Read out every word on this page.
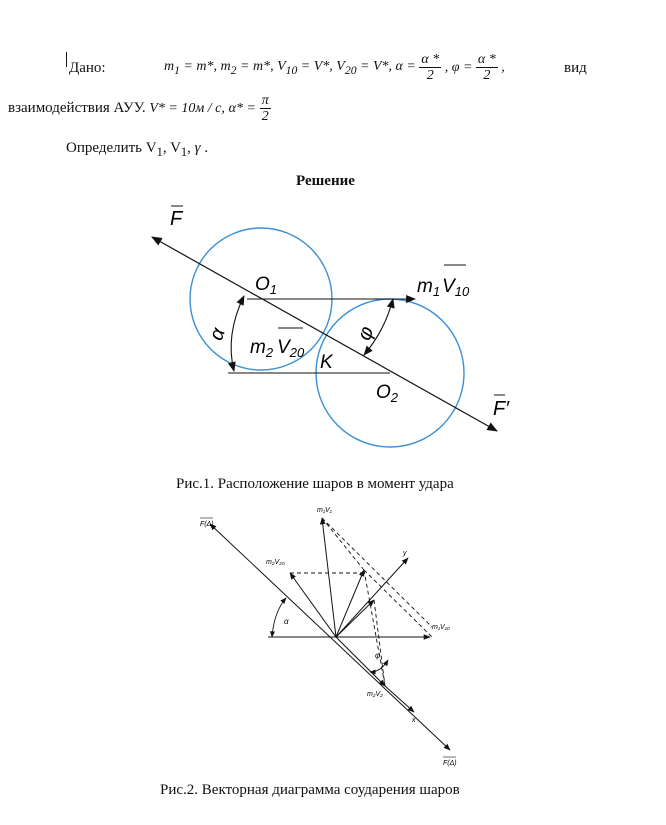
Дано:	$m_1 = m*$, $m_2 = m*$, $V_{10} = V*$, $V_{20} = V*$, $\alpha = \frac{\alpha *}{2}$ , $\varphi = \frac{\alpha *}{2}$ ,	вид
взаимодействия АУУ. V* = 10м / с, $\alpha* = \frac{\pi}{2}$
Определить $V_1$, $V_1$, γ .
Решение
F
F′
$O_1$
$O_2$
K
α	φ
$m_1$ $V_{10}$
$m_2$ $V_{20}$
Рис.1. Расположение шаров в момент удара
F(Δ)
F(Δ)
m₁V₁
m₂V₂₀
m₁V₁₀
m₂V₂
y
x
α
φ
Рис.2. Векторная диаграмма соударения шаров
